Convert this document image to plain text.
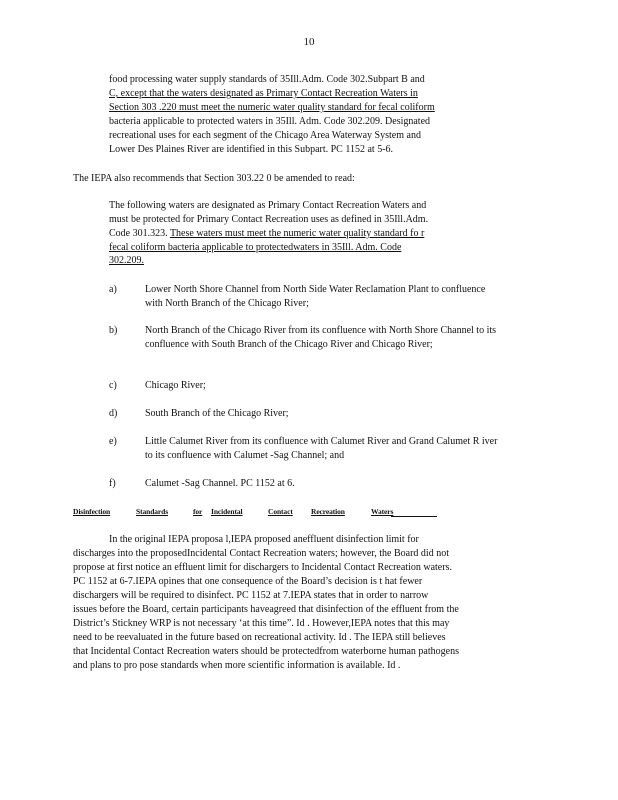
10
food processing water supply standards of 35Ill.Adm. Code 302.Subpart B and
C, except that the waters designated as Primary Contact Recreation Waters in
Section 303 .220 must meet the numeric water quality standard for fecal coliform
bacteria applicable to protected waters in 35Ill. Adm. Code 302.209. Designated
recreational uses for each segment of the Chicago Area Waterway System and
Lower Des Plaines River are identified in this Subpart. PC 1152 at 5-6.
The IEPA also recommends that Section 303.22 0 be amended to read:
The following waters are designated as Primary Contact Recreation Waters and
must be protected for Primary Contact Recreation uses as defined in 35Ill.Adm.
Code 301.323. These waters must meet the numeric water quality standard fo r
fecal coliform bacteria applicable to protectedwaters in 35Ill. Adm. Code
302.209.
a)	Lower North Shore Channel from North Side Water Reclamation Plant to confluence with North Branch of the Chicago River;
b)	North Branch of the Chicago River from its confluence with North Shore Channel to its confluence with South Branch of the Chicago River and Chicago River;
c)	Chicago River;
d)	South Branch of the Chicago River;
e)	Little Calumet River from its confluence with Calumet River and Grand Calumet R iver to its confluence with Calumet -Sag Channel; and
f)	Calumet -Sag Channel. PC 1152 at 6.
Disinfection	Standards	for Incidental	Contact Recreation	Waters
In the original IEPA proposa l,IEPA proposed aneffluent disinfection limit for
discharges into the proposedIncidental Contact Recreation waters; however, the Board did not
propose at first notice an effluent limit for dischargers to Incidental Contact Recreation waters.
PC 1152 at 6-7.IEPA opines that one consequence of the Board’s decision is t hat fewer
dischargers will be required to disinfect. PC 1152 at 7.IEPA states that in order to narrow
issues before the Board, certain participants haveagreed that disinfection of the effluent from the
District’s Stickney WRP is not necessary ‘at this time”. Id . However,IEPA notes that this may
need to be reevaluated in the future based on recreational activity. Id . The IEPA still believes
that Incidental Contact Recreation waters should be protectedfrom waterborne human pathogens
and plans to pro pose standards when more scientific information is available. Id .
